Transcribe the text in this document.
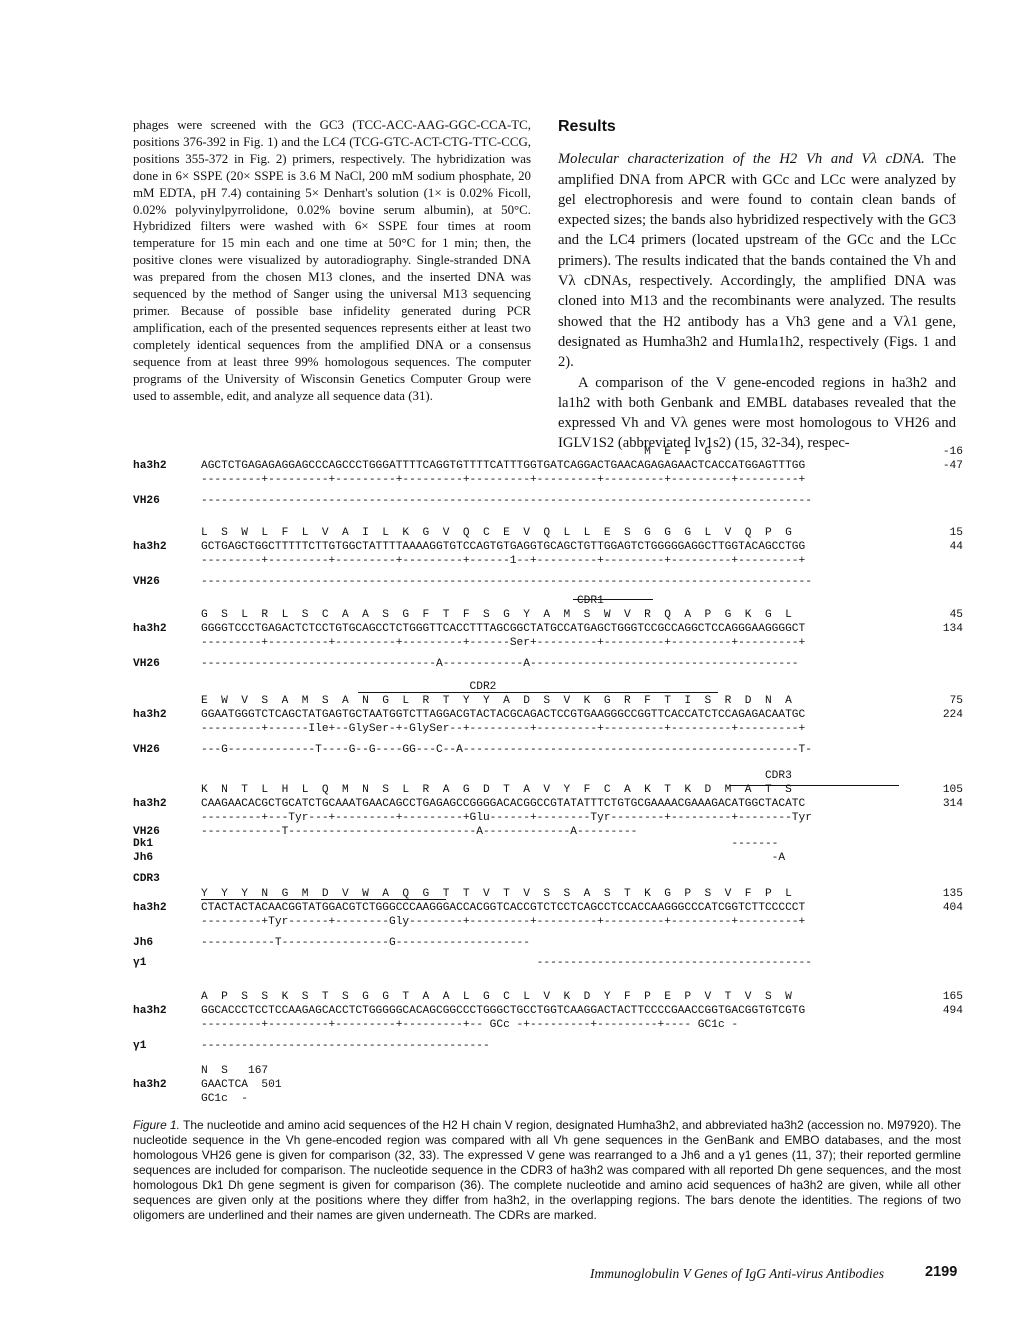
phages were screened with the GC3 (TCC-ACC-AAG-GGC-CCA-TC, positions 376-392 in Fig. 1) and the LC4 (TCG-GTC-ACT-CTG-TTC-CCG, positions 355-372 in Fig. 2) primers, respectively. The hybridization was done in 6× SSPE (20× SSPE is 3.6 M NaCl, 200 mM sodium phosphate, 20 mM EDTA, pH 7.4) containing 5× Denhart's solution (1× is 0.02% Ficoll, 0.02% polyvinylpyrrolidone, 0.02% bovine serum albumin), at 50°C. Hybridized filters were washed with 6× SSPE four times at room temperature for 15 min each and one time at 50°C for 1 min; then, the positive clones were visualized by autoradiography. Single-stranded DNA was prepared from the chosen M13 clones, and the inserted DNA was sequenced by the method of Sanger using the universal M13 sequencing primer. Because of possible base infidelity generated during PCR amplification, each of the presented sequences represents either at least two completely identical sequences from the amplified DNA or a consensus sequence from at least three 99% homologous sequences. The computer programs of the University of Wisconsin Genetics Computer Group were used to assemble, edit, and analyze all sequence data (31).
Results

Molecular characterization of the H2 Vh and Vλ cDNA. The amplified DNA from APCR with GCc and LCc were analyzed by gel electrophoresis and were found to contain clean bands of expected sizes; the bands also hybridized respectively with the GC3 and the LC4 primers (located upstream of the GCc and the LCc primers). The results indicated that the bands contained the Vh and Vλ cDNAs, respectively. Accordingly, the amplified DNA was cloned into M13 and the recombinants were analyzed. The results showed that the H2 antibody has a Vh3 gene and a Vλ1 gene, designated as Humha3h2 and Humla1h2, respectively (Figs. 1 and 2).

A comparison of the V gene-encoded regions in ha3h2 and la1h2 with both Genbank and EMBL databases revealed that the expressed Vh and Vλ genes were most homologous to VH26 and IGLV1S2 (abbreviated lv1s2) (15, 32-34), respec-

M  E  F  G	-16
ha3h2	AGCTCTGAGAGAGGAGCCCAGCCCTGGGATTTTCAGGTGTTTTCATTTGGTGATCAGGACTGAACAGAGAGAACTCACCATGGAGTTTGG	-47
---------+---------+---------+---------+---------+---------+---------+---------+---------+
VH26	-------------------------------------------------------------------------------------------
L  S  W  L  F  L  V  A  I  L  K  G  V  Q  C  E  V  Q  L  L  E  S  G  G  G  L  V  Q  P  G	15
ha3h2	GCTGAGCTGGCTTTTTCTTGTGGCTATTTTAAAAGGTGTCCAGTGTGAGGTGCAGCTGTTGGAGTCTGGGGGAGGCTTGGTACAGCCTGG	44
---------+---------+---------+---------+------1--+---------+---------+---------+---------+
VH26	-------------------------------------------------------------------------------------------
CDR1
G  S  L  R  L  S  C  A  A  S  G  F  T  F  S  G  Y  A  M  S  W  V  R  Q  A  P  G  K  G  L	45
ha3h2	GGGGTCCCTGAGACTCTCCTGTGCAGCCTCTGGGTTCACCTTTAGCGGCTATGCCATGAGCTGGGTCCGCCAGGCTCCAGGGAAGGGGCT	134
---------+---------+---------+---------+------Ser+---------+---------+---------+---------+
VH26	-----------------------------------A------------A----------------------------------------
CDR2
E  W  V  S  A  M  S  A  N  G  L  R  T  Y  Y  A  D  S  V  K  G  R  F  T  I  S  R  D  N  A	75
ha3h2	GGAATGGGTCTCAGCTATGAGTGCTAATGGTCTTAGGACGTACTACGCAGACTCCGTGAAGGGCCGGTTCACCATCTCCAGAGACAATGC	224
---------+------Ile+--GlySer-+-GlySer--+---------+---------+---------+---------+---------+
VH26	---G-------------T----G--G----GG---C--A--------------------------------------------------T-
CDR3
K  N  T  L  H  L  Q  M  N  S  L  R  A  G  D  T  A  V  Y  F  C  A  K  T  K  D  M  A  T  S	105
ha3h2	CAAGAACACGCTGCATCTGCAAATGAACAGCCTGAGAGCCGGGGACACGGCCGTATATTTCTGTGCGAAAACGAAAGACATGGCTACATC	314
---------+---Tyr---+---------+---------+Glu------+--------Tyr--------+---------+--------Tyr
VH26	------------T----------------------------A-------------A---------
Dk1	-------
Jh6	-A
CDR3
Y  Y  Y  N  G  M  D  V  W  A  Q  G  T  T  V  T  V  S  S  A  S  T  K  G  P  S  V  F  P  L	135
ha3h2	CTACTACTACAACGGTATGGACGTCTGGGCCCAAGGGACCACGGTCACCGTCTCCTCAGCCTCCACCAAGGGCCCATCGGTCTTCCCCCT	404
---------+Tyr------+--------Gly--------+---------+---------+---------+---------+---------+
Jh6	-----------T----------------G--------------------
γ1	-----------------------------------------
A  P  S  S  K  S  T  S  G  G  T  A  A  L  G  C  L  V  K  D  Y  F  P  E  P  V  T  V  S  W	165
ha3h2	GGCACCCTCCTCCAAGAGCACCTCTGGGGGCACAGCGGCCCTGGGCTGCCTGGTCAAGGACTACTTCCCCGAACCGGTGACGGTGTCGTG	494
---------+---------+---------+---------+-- GCc -+---------+---------+---- GC1c -
γ1	-------------------------------------------
N  S   167
ha3h2	GAACTCA  501
GC1c  -
Figure 1. The nucleotide and amino acid sequences of the H2 H chain V region, designated Humha3h2, and abbreviated ha3h2 (accession no. M97920). The nucleotide sequence in the Vh gene-encoded region was compared with all Vh gene sequences in the GenBank and EMBO databases, and the most homologous VH26 gene is given for comparison (32, 33). The expressed V gene was rearranged to a Jh6 and a γ1 genes (11, 37); their reported germline sequences are included for comparison. The nucleotide sequence in the CDR3 of ha3h2 was compared with all reported Dh gene sequences, and the most homologous Dk1 Dh gene segment is given for comparison (36). The complete nucleotide and amino acid sequences of ha3h2 are given, while all other sequences are given only at the positions where they differ from ha3h2, in the overlapping regions. The bars denote the identities. The regions of two oligomers are underlined and their names are given underneath. The CDRs are marked.
Immunoglobulin V Genes of IgG Anti-virus Antibodies	2199
